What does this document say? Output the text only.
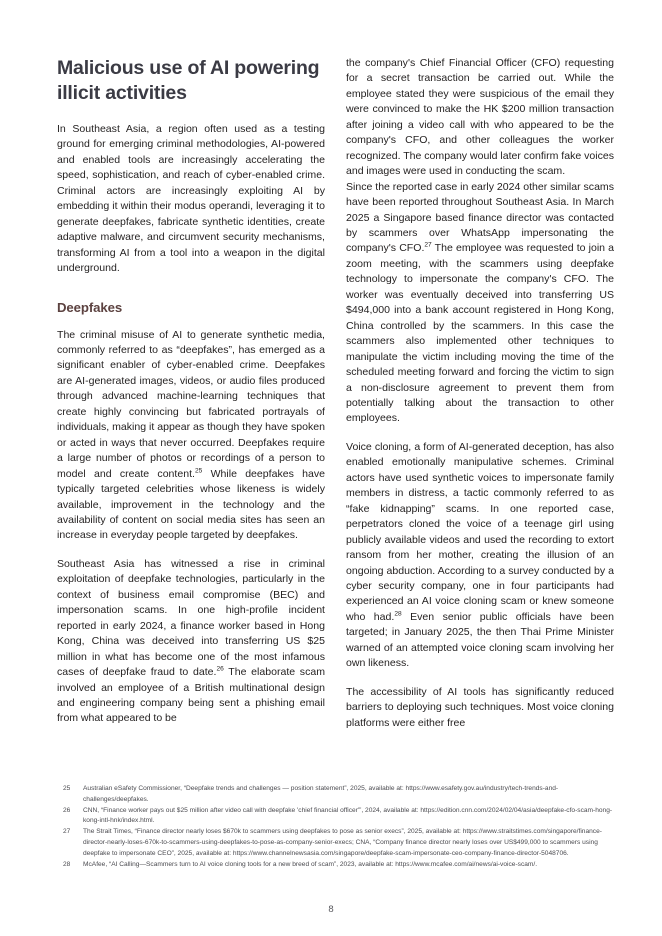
Malicious use of AI powering illicit activities

In Southeast Asia, a region often used as a testing ground for emerging criminal methodologies, AI-powered and enabled tools are increasingly accelerating the speed, sophistication, and reach of cyber-enabled crime. Criminal actors are increasingly exploiting AI by embedding it within their modus operandi, leveraging it to generate deepfakes, fabricate synthetic identities, create adaptive malware, and circumvent security mechanisms, transforming AI from a tool into a weapon in the digital underground.

Deepfakes

The criminal misuse of AI to generate synthetic media, commonly referred to as “deepfakes”, has emerged as a significant enabler of cyber-enabled crime. Deepfakes are AI-generated images, videos, or audio files produced through advanced machine-learning techniques that create highly convincing but fabricated portrayals of individuals, making it appear as though they have spoken or acted in ways that never occurred. Deepfakes require a large number of photos or recordings of a person to model and create content.$^{25}$ While deepfakes have typically targeted celebrities whose likeness is widely available, improvement in the technology and the availability of content on social media sites has seen an increase in everyday people targeted by deepfakes.

Southeast Asia has witnessed a rise in criminal exploitation of deepfake technologies, particularly in the context of business email compromise (BEC) and impersonation scams. In one high-profile incident reported in early 2024, a finance worker based in Hong Kong, China was deceived into transferring US $25 million in what has become one of the most infamous cases of deepfake fraud to date.$^{26}$ The elaborate scam involved an employee of a British multinational design and engineering company being sent a phishing email from what appeared to be

the company's Chief Financial Officer (CFO) requesting for a secret transaction be carried out. While the employee stated they were suspicious of the email they were convinced to make the HK $200 million transaction after joining a video call with who appeared to be the company's CFO, and other colleagues the worker recognized. The company would later confirm fake voices and images were used in conducting the scam.

Since the reported case in early 2024 other similar scams have been reported throughout Southeast Asia. In March 2025 a Singapore based finance director was contacted by scammers over WhatsApp impersonating the company's CFO.$^{27}$ The employee was requested to join a zoom meeting, with the scammers using deepfake technology to impersonate the company's CFO. The worker was eventually deceived into transferring US $494,000 into a bank account registered in Hong Kong, China controlled by the scammers. In this case the scammers also implemented other techniques to manipulate the victim including moving the time of the scheduled meeting forward and forcing the victim to sign a non-disclosure agreement to prevent them from potentially talking about the transaction to other employees.

Voice cloning, a form of AI-generated deception, has also enabled emotionally manipulative schemes. Criminal actors have used synthetic voices to impersonate family members in distress, a tactic commonly referred to as “fake kidnapping” scams. In one reported case, perpetrators cloned the voice of a teenage girl using publicly available videos and used the recording to extort ransom from her mother, creating the illusion of an ongoing abduction. According to a survey conducted by a cyber security company, one in four participants had experienced an AI voice cloning scam or knew someone who had.$^{28}$ Even senior public officials have been targeted; in January 2025, the then Thai Prime Minister warned of an attempted voice cloning scam involving her own likeness.

The accessibility of AI tools has significantly reduced barriers to deploying such techniques. Most voice cloning platforms were either free

25	Australian eSafety Commissioner, “Deepfake trends and challenges — position statement”, 2025, available at: https://www.esafety.gov.au/industry/tech-trends-and-challenges/deepfakes.
26	CNN, “Finance worker pays out $25 million after video call with deepfake 'chief financial officer'”, 2024, available at: https://edition.cnn.com/2024/02/04/asia/deepfake-cfo-scam-hong-kong-intl-hnk/index.html.
27	The Strait Times, “Finance director nearly loses $670k to scammers using deepfakes to pose as senior execs”, 2025, available at: https://www.straitstimes.com/singapore/finance-director-nearly-loses-670k-to-scammers-using-deepfakes-to-pose-as-company-senior-execs; CNA, “Company finance director nearly loses over US$499,000 to scammers using deepfake to impersonate CEO”, 2025, available at: https://www.channelnewsasia.com/singapore/deepfake-scam-impersonate-ceo-company-finance-director-5048706.
28	McAfee, “AI Calling—Scammers turn to AI voice cloning tools for a new breed of scam”, 2023, available at: https://www.mcafee.com/ai/news/ai-voice-scam/.
8
